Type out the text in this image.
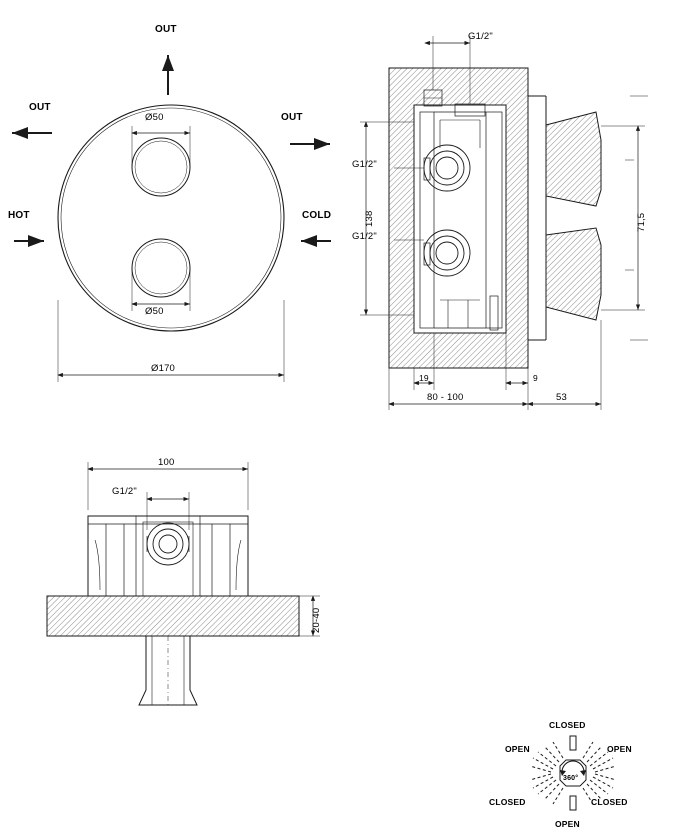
OUT
OUT
OUT
HOT	COLD
Ø50
Ø50
Ø170
G1/2"
G1/2"
G1/2"
138	71,5
19	9
80 - 100	53
100
G1/2"
20-40
CLOSED
OPEN	OPEN
CLOSED	CLOSED
OPEN
360°
